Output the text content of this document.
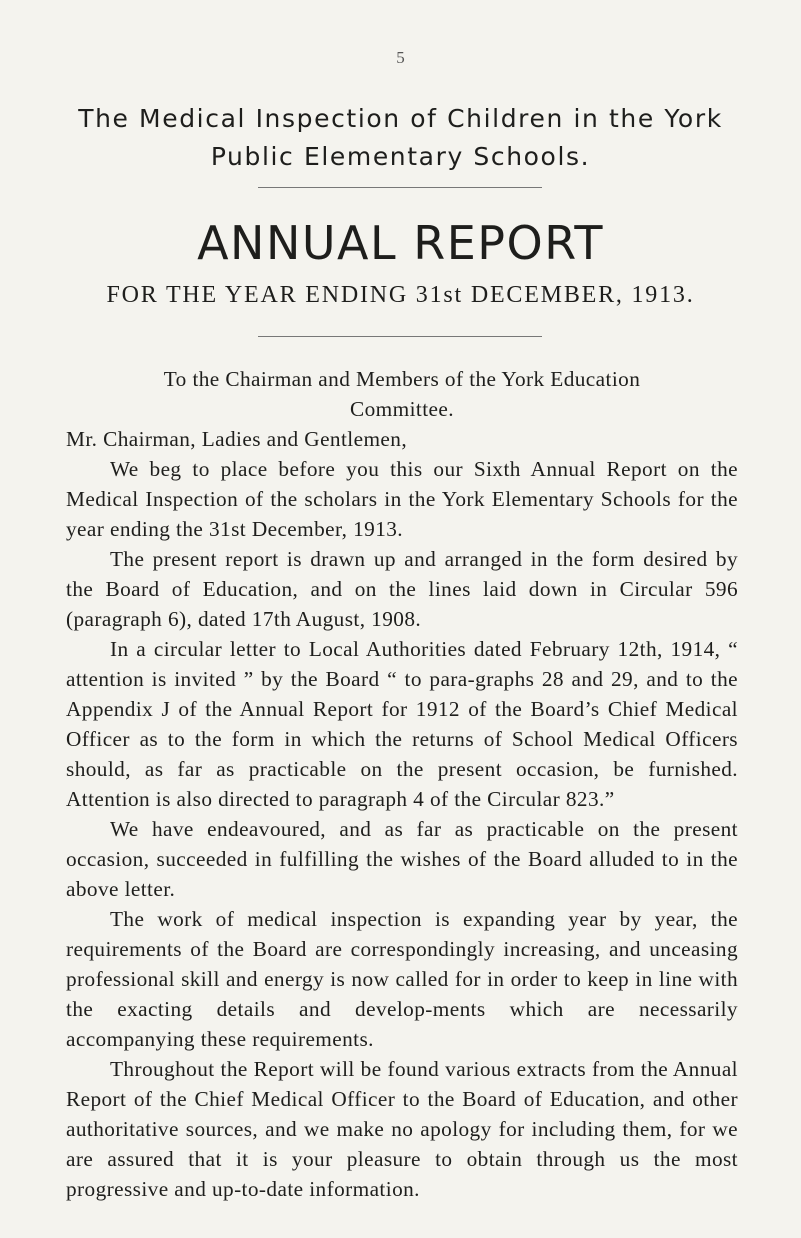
5
The Medical Inspection of Children in the York
Public Elementary Schools.
ANNUAL REPORT

FOR THE YEAR ENDING 31st DECEMBER, 1913.

To the Chairman and Members of the York Education
Committee.

Mr. Chairman, Ladies and Gentlemen,

We beg to place before you this our Sixth Annual Report on the Medical Inspection of the scholars in the York Elementary Schools for the year ending the 31st December, 1913.

The present report is drawn up and arranged in the form desired by the Board of Education, and on the lines laid down in Circular 596 (paragraph 6), dated 17th August, 1908.

In a circular letter to Local Authorities dated February 12th, 1914, “ attention is invited ” by the Board “ to para-graphs 28 and 29, and to the Appendix J of the Annual Report for 1912 of the Board’s Chief Medical Officer as to the form in which the returns of School Medical Officers should, as far as practicable on the present occasion, be furnished. Attention is also directed to paragraph 4 of the Circular 823.”

We have endeavoured, and as far as practicable on the present occasion, succeeded in fulfilling the wishes of the Board alluded to in the above letter.

The work of medical inspection is expanding year by year, the requirements of the Board are correspondingly increasing, and unceasing professional skill and energy is now called for in order to keep in line with the exacting details and develop-ments which are necessarily accompanying these requirements.

Throughout the Report will be found various extracts from the Annual Report of the Chief Medical Officer to the Board of Education, and other authoritative sources, and we make no apology for including them, for we are assured that it is your pleasure to obtain through us the most progressive and up-to-date information.
